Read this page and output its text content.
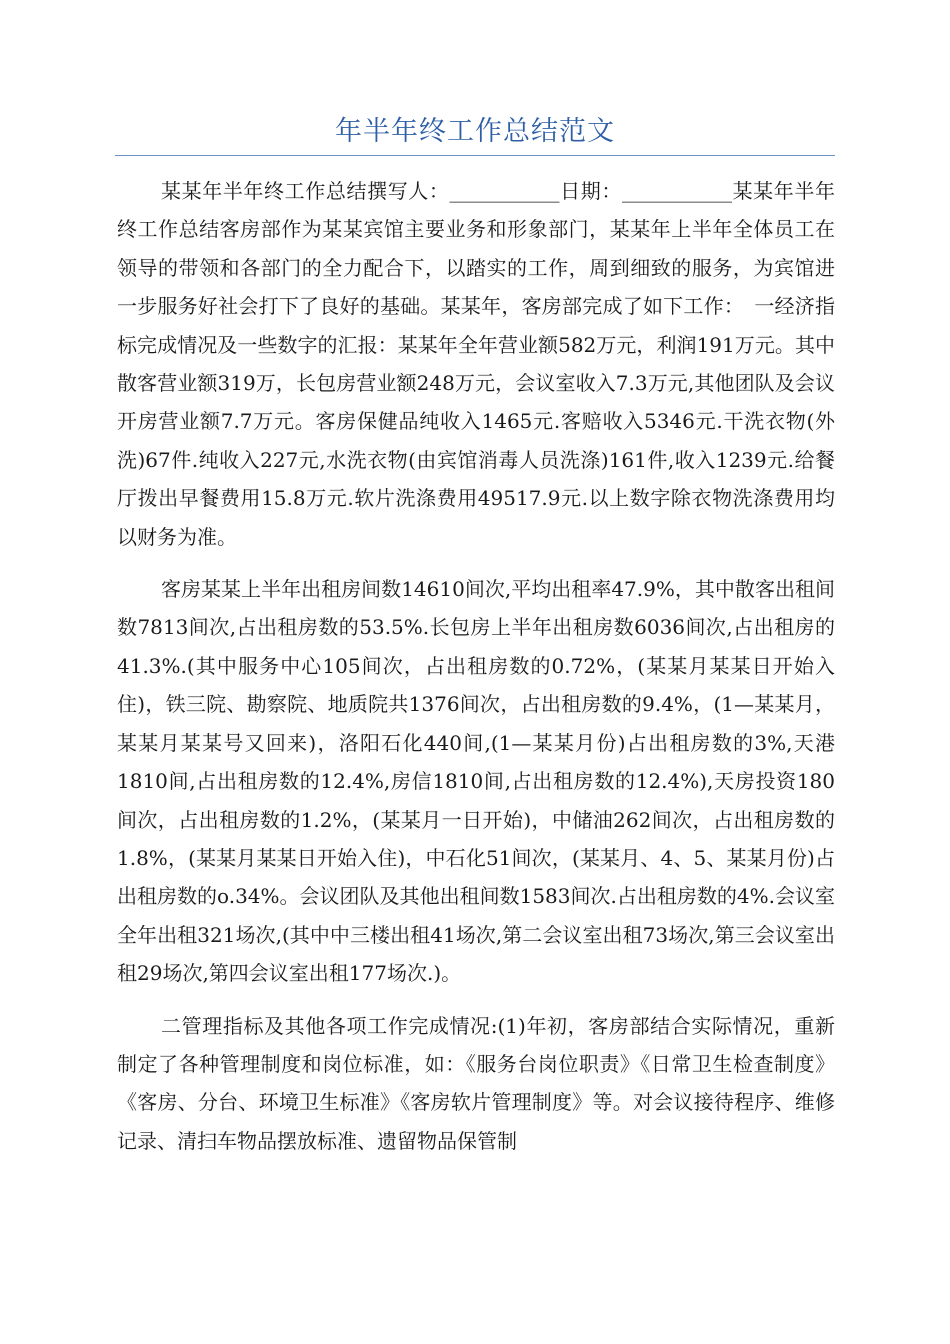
年半年终工作总结范文

某某年半年终工作总结撰写人：___________日期：___________某某年半年终工作总结客房部作为某某宾馆主要业务和形象部门，某某年上半年全体员工在领导的带领和各部门的全力配合下，以踏实的工作，周到细致的服务，为宾馆进一步服务好社会打下了良好的基础。某某年，客房部完成了如下工作：　一经济指标完成情况及一些数字的汇报：某某年全年营业额582万元，利润191万元。其中散客营业额319万，长包房营业额248万元，会议室收入7.3万元,其他团队及会议开房营业额7.7万元。客房保健品纯收入1465元.客赔收入5346元.干洗衣物(外洗)67件.纯收入227元,水洗衣物(由宾馆消毒人员洗涤)161件,收入1239元.给餐厅拨出早餐费用15.8万元.软片洗涤费用49517.9元.以上数字除衣物洗涤费用均以财务为准。

客房某某上半年出租房间数14610间次,平均出租率47.9%，其中散客出租间数7813间次,占出租房数的53.5%.长包房上半年出租房数6036间次,占出租房的41.3%.(其中服务中心105间次，占出租房数的0.72%，(某某月某某日开始入住)，铁三院、勘察院、地质院共1376间次，占出租房数的9.4%，(1—某某月，某某月某某号又回来)，洛阳石化440间,(1—某某月份)占出租房数的3%,天港1810间,占出租房数的12.4%,房信1810间,占出租房数的12.4%),天房投资180间次，占出租房数的1.2%，(某某月一日开始)，中储油262间次，占出租房数的1.8%，(某某月某某日开始入住)，中石化51间次，(某某月、4、5、某某月份)占出租房数的o.34%。会议团队及其他出租间数1583间次.占出租房数的4%.会议室全年出租321场次,(其中中三楼出租41场次,第二会议室出租73场次,第三会议室出租29场次,第四会议室出租177场次.)。

二管理指标及其他各项工作完成情况:(1)年初，客房部结合实际情况，重新制定了各种管理制度和岗位标准，如：《服务台岗位职责》《日常卫生检查制度》《客房、分台、环境卫生标准》《客房软片管理制度》等。对会议接待程序、维修记录、清扫车物品摆放标准、遗留物品保管制
